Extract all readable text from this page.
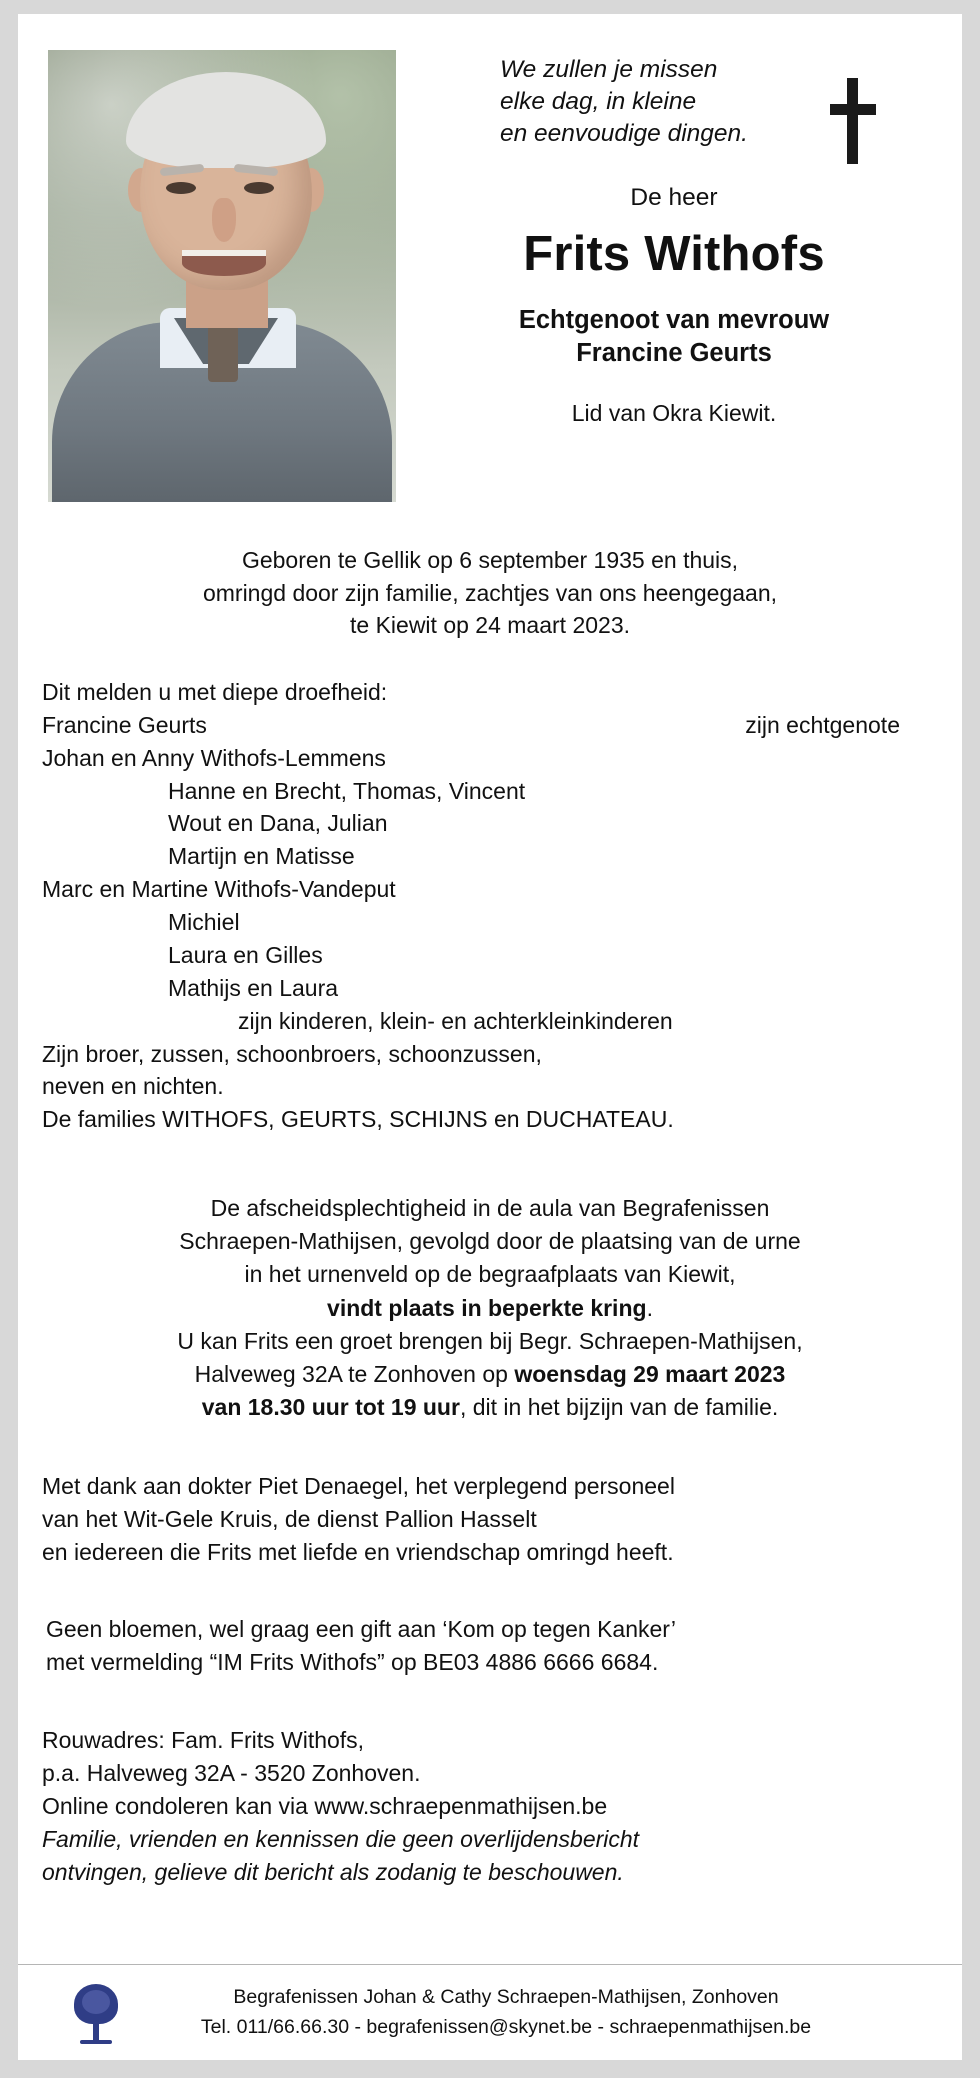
We zullen je missen
elke dag, in kleine
en eenvoudige dingen.
De heer
Frits Withofs
Echtgenoot van mevrouw
Francine Geurts
Lid van Okra Kiewit.
Geboren te Gellik op 6 september 1935 en thuis,
omringd door zijn familie, zachtjes van ons heengegaan,
te Kiewit op 24 maart 2023.
Dit melden u met diepe droefheid:
Francine Geurts	zijn echtgenote
Johan en Anny Withofs-Lemmens
Hanne en Brecht, Thomas, Vincent
Wout en Dana, Julian
Martijn en Matisse
Marc en Martine Withofs-Vandeput
Michiel
Laura en Gilles
Mathijs en Laura
zijn kinderen, klein- en achterkleinkinderen
Zijn broer, zussen, schoonbroers, schoonzussen,
neven en nichten.
De families WITHOFS, GEURTS, SCHIJNS en DUCHATEAU.
De afscheidsplechtigheid in de aula van Begrafenissen
Schraepen-Mathijsen, gevolgd door de plaatsing van de urne
in het urnenveld op de begraafplaats van Kiewit,
vindt plaats in beperkte kring.
U kan Frits een groet brengen bij Begr. Schraepen-Mathijsen,
Halveweg 32A te Zonhoven op woensdag 29 maart 2023
van 18.30 uur tot 19 uur, dit in het bijzijn van de familie.
Met dank aan dokter Piet Denaegel, het verplegend personeel
van het Wit-Gele Kruis, de dienst Pallion Hasselt
en iedereen die Frits met liefde en vriendschap omringd heeft.
Geen bloemen, wel graag een gift aan ‘Kom op tegen Kanker’
met vermelding “IM Frits Withofs” op BE03 4886 6666 6684.
Rouwadres: Fam. Frits Withofs,
p.a. Halveweg 32A - 3520 Zonhoven.
Online condoleren kan via www.schraepenmathijsen.be
Familie, vrienden en kennissen die geen overlijdensbericht
ontvingen, gelieve dit bericht als zodanig te beschouwen.
Begrafenissen Johan & Cathy Schraepen-Mathijsen, Zonhoven
Tel. 011/66.66.30 - begrafenissen@skynet.be - schraepenmathijsen.be
